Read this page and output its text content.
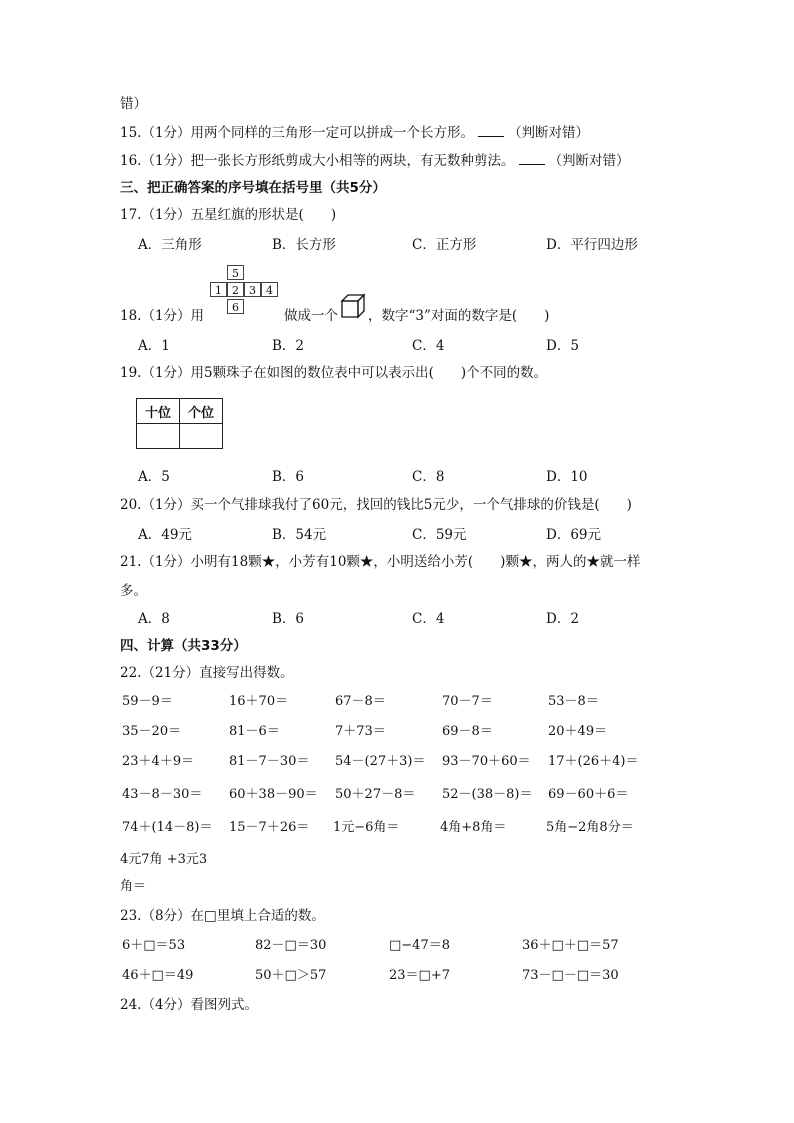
错）
15.（1分）用两个同样的三角形一定可以拼成一个长方形。	（判断对错）
16.（1分）把一张长方形纸剪成大小相等的两块，有无数种剪法。	（判断对错）
三、把正确答案的序号填在括号里（共5分）
17.（1分）五星红旗的形状是(　　)
A．三角形	B．长方形	C．正方形	D．平行四边形
5
1 2 3 4
6
18.（1分）用	做成一个 ，数字“3”对面的数字是(　　)
A．1	B．2	C．4	D．5
19.（1分）用5颗珠子在如图的数位表中可以表示出(　　)个不同的数。
十位	个位

A．5	B．6	C．8	D．10
20.（1分）买一个气排球我付了60元，找回的钱比5元少，一个气排球的价钱是(　　)
A．49元	B．54元	C．59元	D．69元
21.（1分）小明有18颗★，小芳有10颗★，小明送给小芳(　　)颗★，两人的★就一样
多。
A．8	B．6	C．4	D．2
四、计算（共33分）
22.（21分）直接写出得数。
59－9＝	16＋70＝	67－8＝	70－7＝	53－8＝
35－20＝	81－6＝	7＋73＝	69－8＝	20＋49＝
23＋4＋9＝	81－7－30＝ 54－(27＋3)＝ 93－70＋60＝ 17＋(26＋4)＝
43－8－30＝ 60＋38－90＝ 50＋27－8＝ 52－(38－8)＝ 69－60＋6＝
74＋(14－8)＝ 15－7＋26＝ 1元−6角＝	4角+8角＝	5角−2角8分＝
4元7角 +3元3
角＝
23.（8分）在□里填上合适的数。
6＋□＝53	82－□＝30	□−47＝8	36＋□＋□＝57
46＋□＝49	50＋□＞57	23＝□+7	73－□－□＝30
24.（4分）看图列式。
